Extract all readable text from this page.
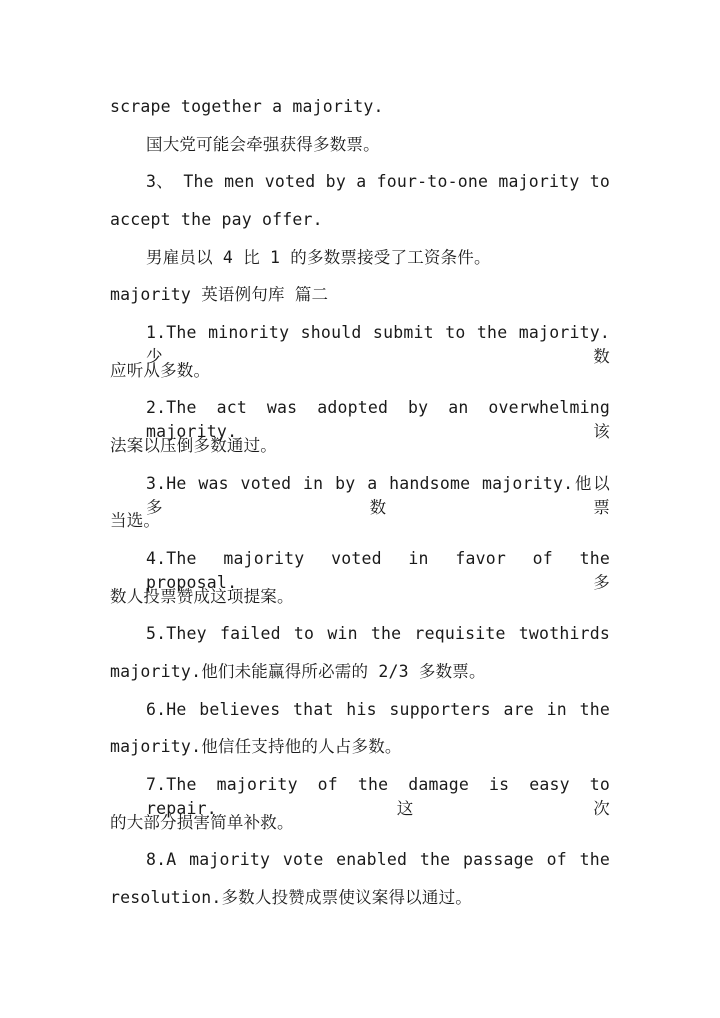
scrape together a majority.
国大党可能会牵强获得多数票。
3、 The men voted by a four-to-one majority to
accept the pay offer.
男雇员以 4 比 1 的多数票接受了工资条件。
majority 英语例句库 篇二
1.The minority should submit to the majority.少数
应听从多数。
2.The act was adopted by an overwhelming majority.该
法案以压倒多数通过。
3.He was voted in by a handsome majority.他以多数票
当选。
4.The majority voted in favor of the proposal.多
数人投票赞成这项提案。
5.They failed to win the requisite twothirds
majority.他们未能赢得所必需的 2/3 多数票。
6.He believes that his supporters are in the
majority.他信任支持他的人占多数。
7.The majority of the damage is easy to repair.这次
的大部分损害简单补救。
8.A majority vote enabled the passage of the
resolution.多数人投赞成票使议案得以通过。
